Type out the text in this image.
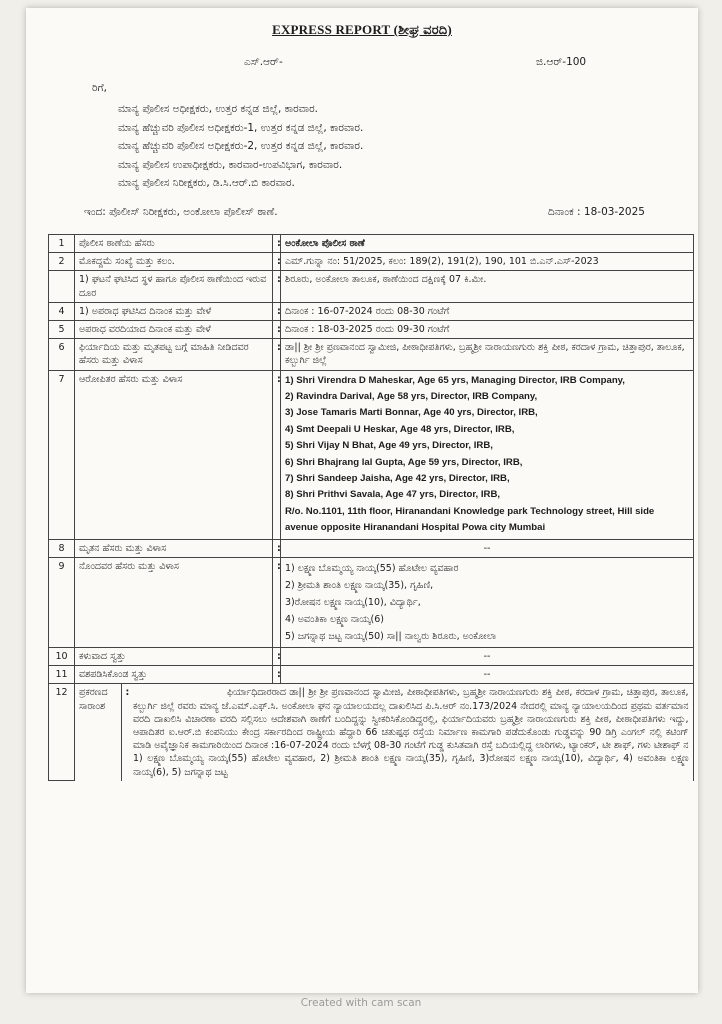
EXPRESS REPORT (ಶೀಘ್ರ ವರದಿ)
ಎಸ್.ಆರ್-	ಜಿ.ಆರ್-100
ರಿಗೆ,
ಮಾನ್ಯ ಪೊಲೀಸ ಅಧೀಕ್ಷಕರು, ಉತ್ತರ ಕನ್ನಡ ಜಿಲ್ಲೆ, ಕಾರವಾರ.
ಮಾನ್ಯ ಹೆಚ್ಚುವರಿ ಪೊಲೀಸ ಅಧೀಕ್ಷಕರು-1, ಉತ್ತರ ಕನ್ನಡ ಜಿಲ್ಲೆ, ಕಾರವಾರ.
ಮಾನ್ಯ ಹೆಚ್ಚುವರಿ ಪೊಲೀಸ ಅಧೀಕ್ಷಕರು-2, ಉತ್ತರ ಕನ್ನಡ ಜಿಲ್ಲೆ, ಕಾರವಾರ.
ಮಾನ್ಯ ಪೊಲೀಸ ಉಪಾಧೀಕ್ಷಕರು, ಕಾರವಾರ-ಉಪವಿಭಾಗ, ಕಾರವಾರ.
ಮಾನ್ಯ ಪೊಲೀಸ ನಿರೀಕ್ಷಕರು, ಡಿ.ಸಿ.ಆರ್.ಬಿ ಕಾರವಾರ.
ಇಂದ: ಪೊಲೀಸ್ ನಿರೀಕ್ಷಕರು, ಅಂಕೋಲಾ ಪೊಲೀಸ್ ಠಾಣೆ.	ದಿನಾಂಕ : 18-03-2025
1	ಪೊಲೀಸ ಠಾಣೆಯ ಹೆಸರು	:	ಅಂಕೋಲಾ ಪೊಲೀಸ ಠಾಣೆ
2	ಮೊಕದ್ದಮೆ ಸಂಖ್ಯೆ ಮತ್ತು ಕಲಂ.	:	ಎಮ್.ಗುನ್ನಾ ನಂ: 51/2025, ಕಲಂ: 189(2), 191(2), 190, 101 ಬಿ.ಎನ್.ಎಸ್-2023
	1) ಘಟನೆ ಘಟಿಸಿದ ಸ್ಥಳ ಹಾಗೂ ಪೊಲೀಸ ಠಾಣೆಯಿಂದ ಇರುವ ದೂರ	:	ಶಿರೂರು, ಅಂಕೋಲಾ ತಾಲೂಕ, ಠಾಣೆಯಿಂದ ದಕ್ಷಿಣಕ್ಕೆ 07 ಕಿ.ಮೀ.
4	1) ಅಪರಾಧ ಘಟಿಸಿದ ದಿನಾಂಕ ಮತ್ತು ವೇಳೆ	:	ದಿನಾಂಕ : 16-07-2024 ರಂದು 08-30 ಗಂಟೆಗೆ
5	ಅಪರಾಧ ವರದಿಯಾದ ದಿನಾಂಕ ಮತ್ತು ವೇಳೆ	:	ದಿನಾಂಕ : 18-03-2025 ರಂದು 09-30 ಗಂಟೆಗೆ
6	ಫಿರ್ಯಾದಿಯ ಮತ್ತು ಮೃತಪಟ್ಟ ಬಗ್ಗೆ ಮಾಹಿತಿ ನೀಡಿದವರ ಹೆಸರು ಮತ್ತು ವಿಳಾಸ	:	ಡಾ|| ಶ್ರೀ ಶ್ರೀ ಪ್ರಣವಾನಂದ ಸ್ವಾಮೀಜಿ, ಪೀಠಾಧೀಪತಿಗಳು, ಬ್ರಹ್ಮಶ್ರೀ ನಾರಾಯಣಗುರು ಶಕ್ತಿ ಪೀಠ, ಕರದಾಳ ಗ್ರಾಮ, ಚಿತ್ತಾಪುರ, ತಾಲೂಕ, ಕಲ್ಬುರ್ಗಿ ಜಿಲ್ಲೆ
7	ಆರೋಪಿತರ ಹೆಸರು ಮತ್ತು ವಿಳಾಸ	:	1) Shri Virendra D Maheskar, Age 65 yrs, Managing Director, IRB Company,
2) Ravindra Darival, Age 58 yrs, Director, IRB Company,
3) Jose Tamaris Marti Bonnar, Age 40 yrs, Director, IRB,
4) Smt Deepali U Heskar, Age 48 yrs, Director, IRB,
5) Shri Vijay N Bhat, Age 49 yrs, Director, IRB,
6) Shri Bhajrang lal Gupta, Age 59 yrs, Director, IRB,
7) Shri Sandeep Jaisha, Age 42 yrs, Director, IRB,
8) Shri Prithvi Savala, Age 47 yrs, Director, IRB,
R/o. No.1101, 11th floor, Hiranandani Knowledge park Technology street, Hill side avenue opposite Hiranandani Hospital Powa city Mumbai

8	ಮೃತನ ಹೆಸರು ಮತ್ತು ವಿಳಾಸ	:	--
9	ನೊಂದವರ ಹೆಸರು ಮತ್ತು ವಿಳಾಸ	:	1) ಲಕ್ಷ್ಮಣ ಬೊಮ್ಮಯ್ಯ ನಾಯ್ಕ(55) ಹೊಟೇಲ ವ್ಯವಹಾರ
2) ಶ್ರೀಮತಿ ಶಾಂತಿ ಲಕ್ಷ್ಮಣ ನಾಯ್ಕ(35), ಗೃಹಿಣಿ,
3)ರೋಷನ ಲಕ್ಷ್ಮಣ ನಾಯ್ಕ(10), ವಿದ್ಯಾರ್ಥಿ,
4) ಅವಂತಿಕಾ ಲಕ್ಷ್ಮಣ ನಾಯ್ಕ(6)
5) ಜಗನ್ನಾಥ ಜಟ್ಟ ನಾಯ್ಕ(50) ಸಾ|| ನಾಲ್ವರು ಶಿರೂರು, ಅಂಕೋಲಾ

10	ಕಳುವಾದ ಸ್ವತ್ತು	:	--
11	ವಶಪಡಿಸಿಕೊಂಡ ಸ್ವತ್ತು	:	--
12	ಪ್ರಕರಣದ ಸಾರಾಂಶ	:	ಫಿರ್ಯಾಧಿದಾರರಾದ ಡಾ|| ಶ್ರೀ ಶ್ರೀ ಪ್ರಣವಾನಂದ ಸ್ವಾಮೀಜಿ, ಪೀಠಾಧೀಪತಿಗಳು, ಬ್ರಹ್ಮಶ್ರೀ ನಾರಾಯಣಗುರು ಶಕ್ತಿ ಪೀಠ, ಕರದಾಳ ಗ್ರಾಮ, ಚಿತ್ತಾಪುರ, ತಾಲೂಕ, ಕಲ್ಬುರ್ಗಿ ಜಿಲ್ಲೆ ರವರು ಮಾನ್ಯ ಜೆ.ಎಮ್.ಎಫ್.ಸಿ. ಅಂಕೋಲಾ ಘನ ನ್ಯಾಯಾಲಯದಲ್ಲ ದಾಖಲಿಸಿದ ಪಿ.ಸಿ.ಆರ್ ನಂ.173/2024 ನೇದರಲ್ಲಿ ಮಾನ್ಯ ನ್ಯಾಯಾಲಯದಿಂದ ಪ್ರಥಮ ವರ್ತಮಾನ ವರದಿ ದಾಖಲಿಸಿ ವಿಚಾರಣಾ ವರದಿ ಸಲ್ಲಿಸಲು ಆದೇಶವಾಗಿ ಠಾಣೆಗೆ ಬಂದಿದ್ದನ್ನು ಸ್ವೀಕರಿಸಿಕೊಂಡಿದ್ದರಲ್ಲಿ, ಫಿರ್ಯಾದಿಯವರು ಬ್ರಹ್ಮಶ್ರೀ ನಾರಾಯಣಗುರು ಶಕ್ತಿ ಪೀಠ, ಪೀಠಾಧೀಪತಿಗಳು ಇದ್ದು, ಆಪಾದಿತರ ಐ.ಆರ್.ಬಿ ಕಂಪನಿಯು ಕೇಂದ್ರ ಸರ್ಕಾರದಿಂದ ರಾಷ್ಟ್ರೀಯ ಹೆದ್ದಾರಿ 66 ಚತುಷ್ಪಥ ರಸ್ತೆಯ ನಿರ್ಮಾಣ ಕಾಮಗಾರಿ ಪಡೆದುಕೊಂಡು ಗುಡ್ಡವನ್ನು 90 ಡಿಗ್ರಿ ಎಂಗಲ್ ನಲ್ಲಿ ಕಟಿಂಗ್ ಮಾಡಿ ಅವೈಜ್ಞಾನಿಕ ಕಾಮಗಾರಿಯಿಂದ ದಿನಾಂಕ :16-07-2024 ರಂದು ಬೆಳಗ್ಗೆ 08-30 ಗಂಟೆಗೆ ಗುಡ್ಡ ಕುಸಿತವಾಗಿ ರಸ್ತೆ ಬದಿಯಲ್ಲಿದ್ದ ಲಾರಿಗಳು, ಟ್ಯಾಂಕರ್, ಟೀ ಶಾಫ್, ಗಳು ಟೀಶಾಫ್ ನ 1) ಲಕ್ಷ್ಮಣ ಬೊಮ್ಮಯ್ಯ ನಾಯ್ಕ(55) ಹೊಟೇಲ ವ್ಯವಹಾರ, 2) ಶ್ರೀಮತಿ ಶಾಂತಿ ಲಕ್ಷ್ಮಣ ನಾಯ್ಕ(35), ಗೃಹಿಣಿ, 3)ರೋಷನ ಲಕ್ಷ್ಮಣ ನಾಯ್ಕ(10), ವಿದ್ಯಾರ್ಥಿ, 4) ಅವಂತಿಕಾ ಲಕ್ಷ್ಮಣ ನಾಯ್ಕ(6), 5) ಜಗನ್ನಾಥ ಜಟ್ಟ
Created with cam scan
